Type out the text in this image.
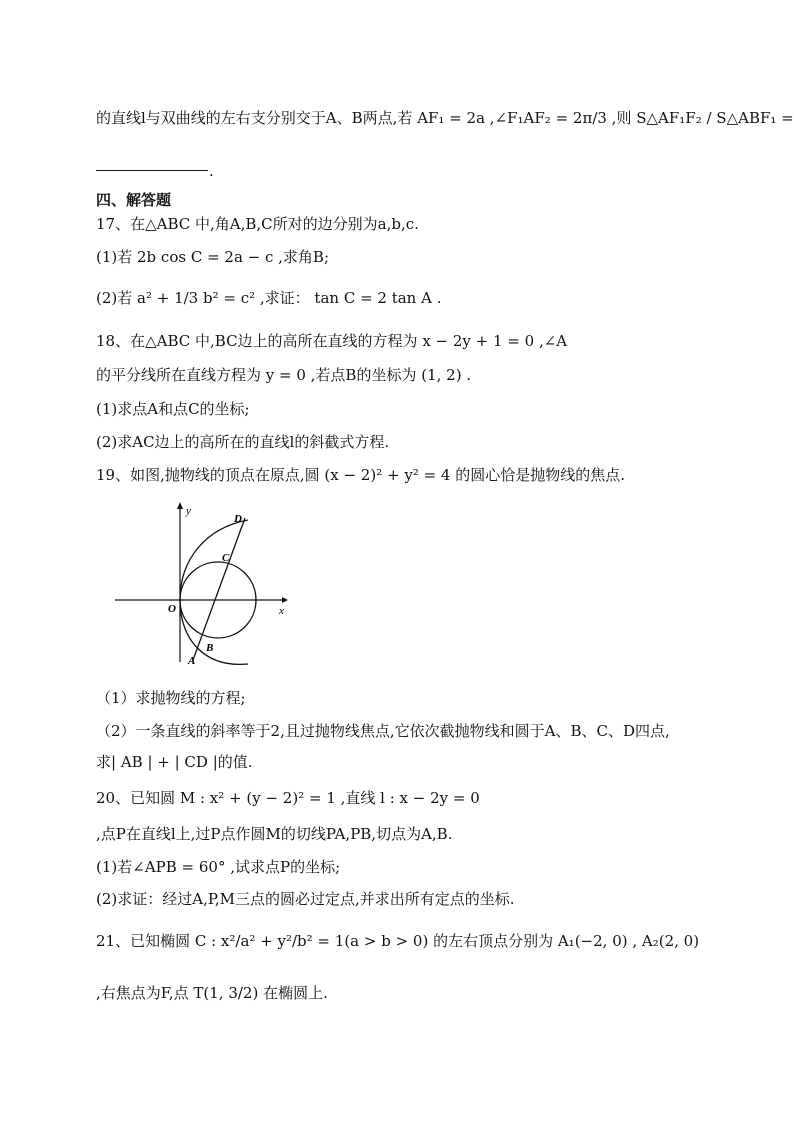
的直线l与双曲线的左右支分别交于A、B两点,若 AF₁ = 2a ,∠F₁AF₂ = 2π/3 ,则 S△AF₁F₂ / S△ABF₁ =
.
四、解答题
17、在△ABC 中,角A,B,C所对的边分别为a,b,c.
(1)若 2b cos C = 2a − c ,求角B;
(2)若 a² + 1/3 b² = c² ,求证： tan C = 2 tan A .
18、在△ABC 中,BC边上的高所在直线的方程为 x − 2y + 1 = 0 ,∠A
的平分线所在直线方程为 y = 0 ,若点B的坐标为 (1, 2) .
(1)求点A和点C的坐标;
(2)求AC边上的高所在的直线l的斜截式方程.
19、如图,抛物线的顶点在原点,圆 (x − 2)² + y² = 4 的圆心恰是抛物线的焦点.
y
x
O
A
B
C
D
（1）求抛物线的方程;
（2）一条直线的斜率等于2,且过抛物线焦点,它依次截抛物线和圆于A、B、C、D四点,
求| AB | + | CD |的值.
20、已知圆 M : x² + (y − 2)² = 1 ,直线 l : x − 2y = 0
,点P在直线l上,过P点作圆M的切线PA,PB,切点为A,B.
(1)若∠APB = 60° ,试求点P的坐标;
(2)求证：经过A,P,M三点的圆必过定点,并求出所有定点的坐标.
21、已知椭圆 C : x²/a² + y²/b² = 1(a > b > 0) 的左右顶点分别为 A₁(−2, 0) , A₂(2, 0)
,右焦点为F,点 T(1, 3/2) 在椭圆上.
